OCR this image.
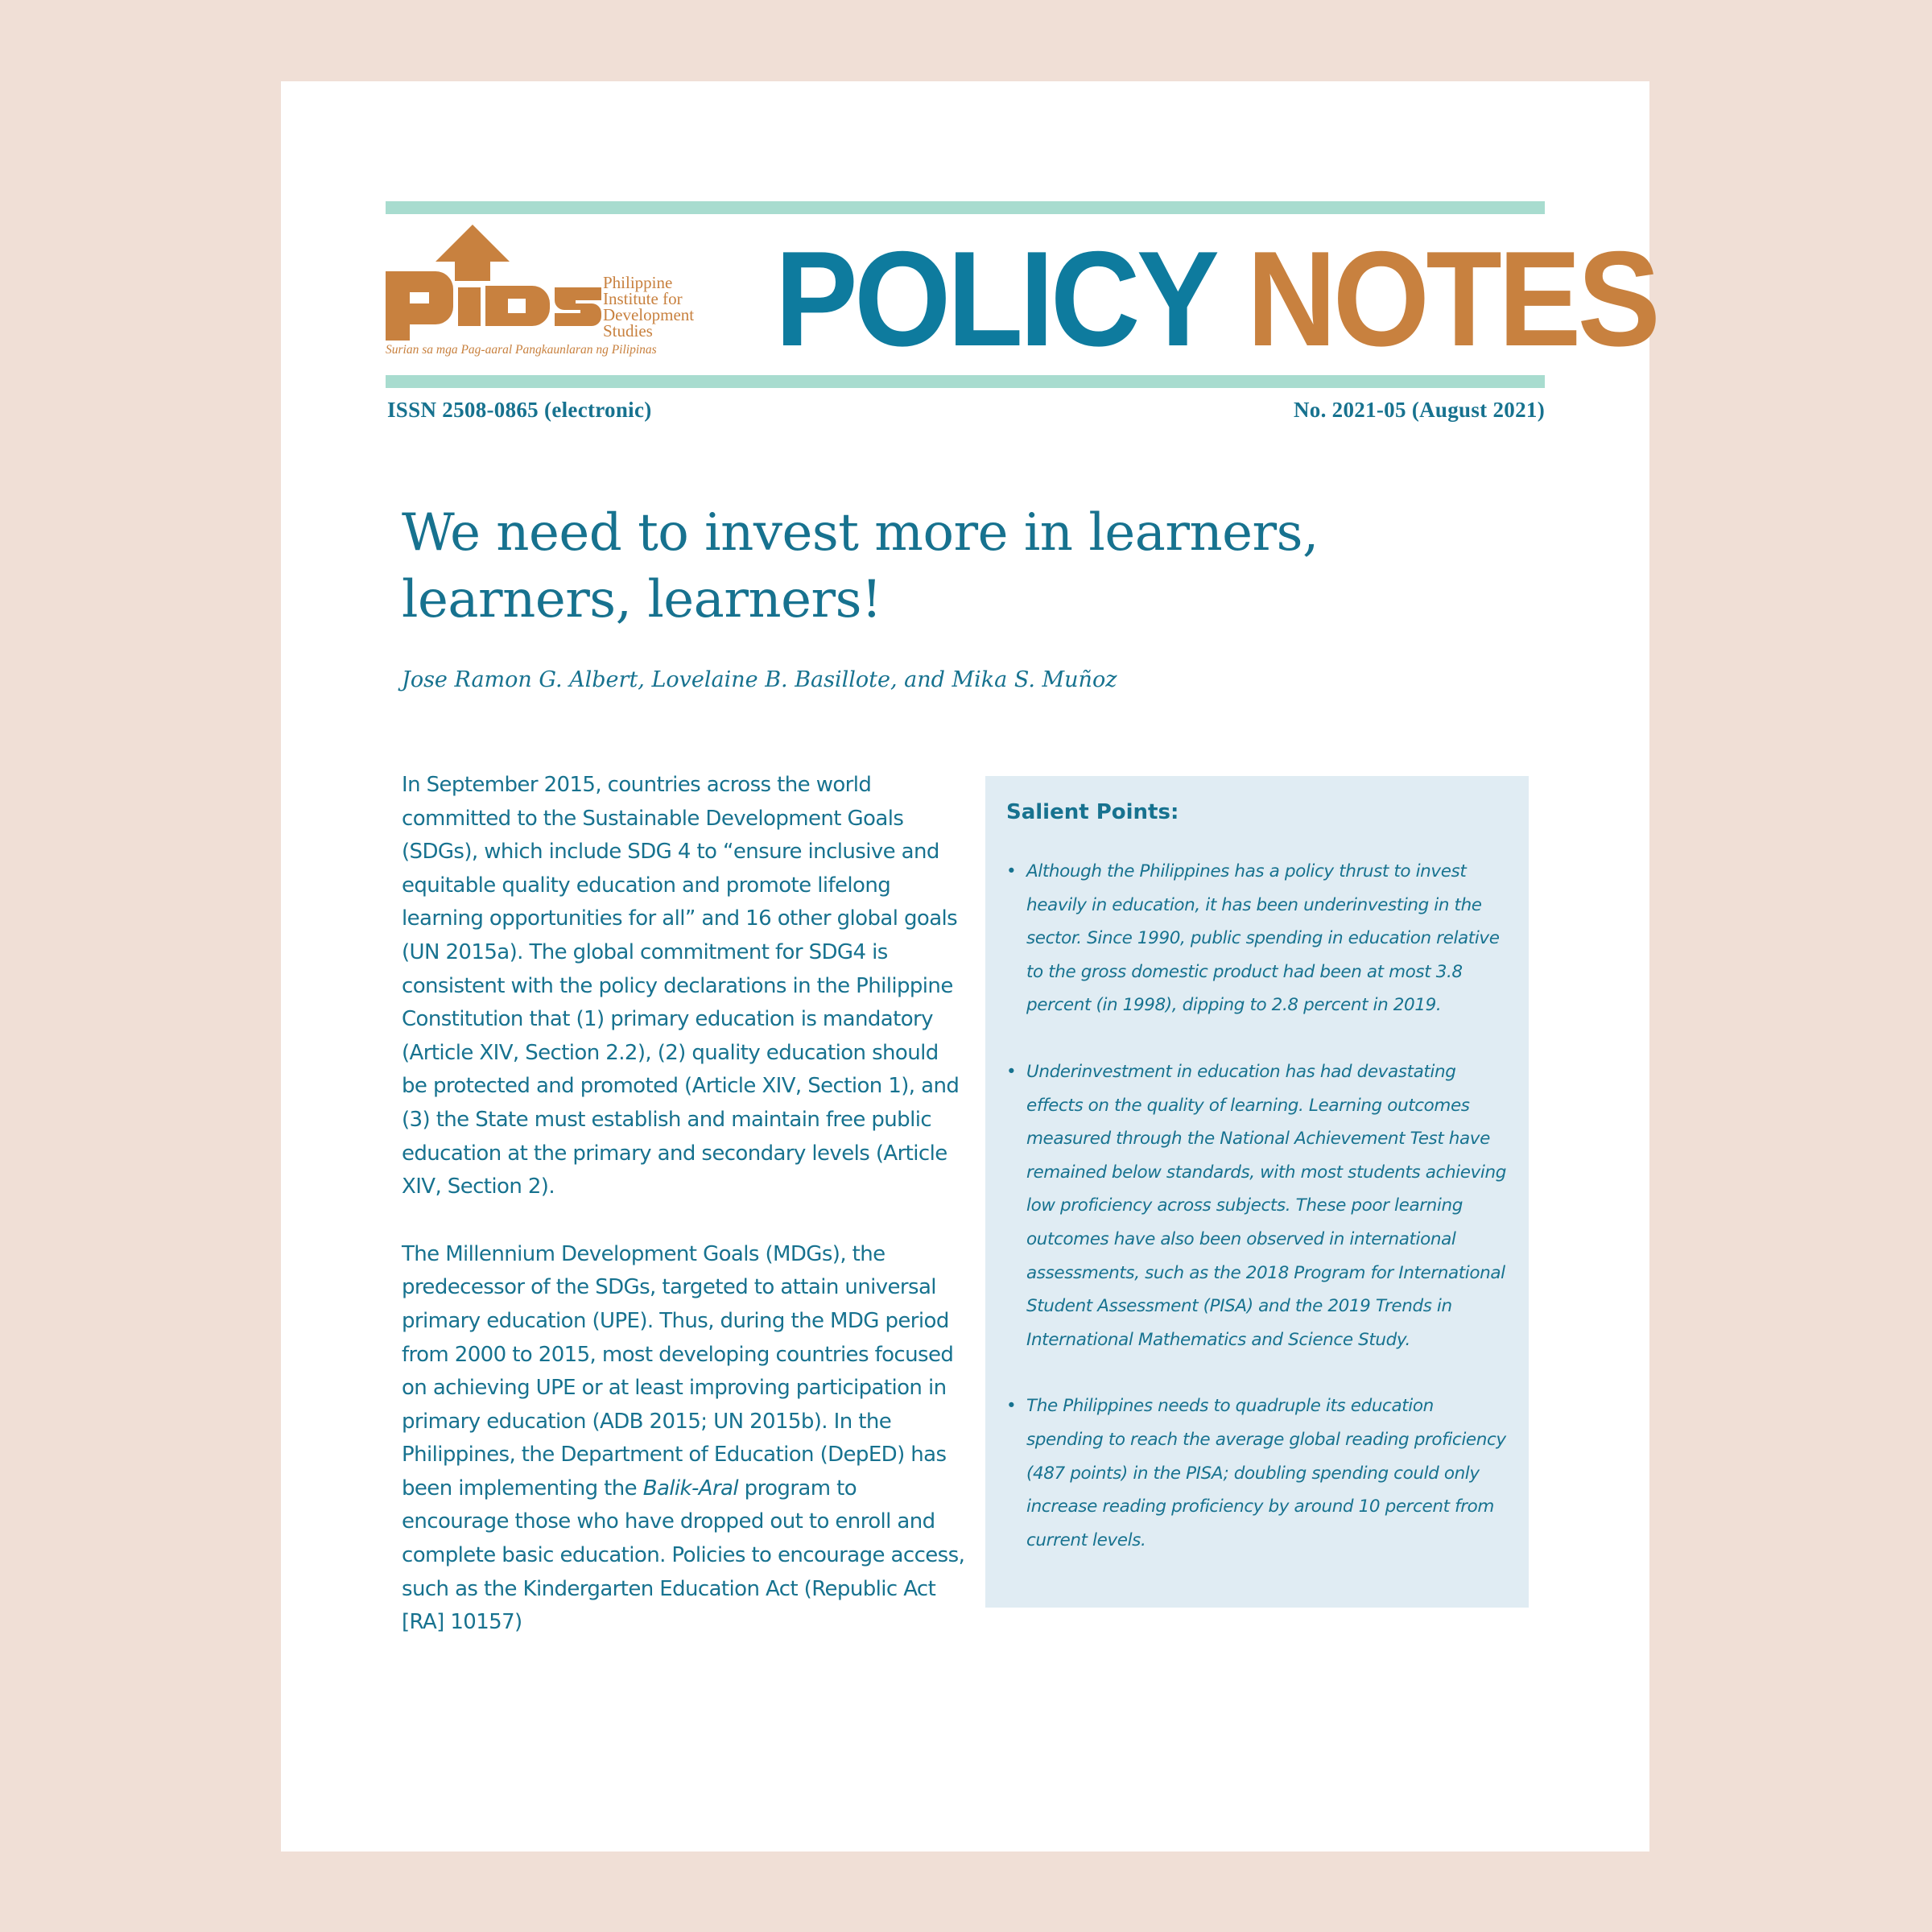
Philippine
Institute for
Development
Studies
Surian sa mga Pag-aaral Pangkaunlaran ng Pilipinas POLICY NOTES
ISSN 2508-0865 (electronic)	No. 2021-05 (August 2021)
We need to invest more in learners,
learners, learners!
Jose Ramon G. Albert, Lovelaine B. Basillote, and Mika S. Muñoz

In September 2015, countries across the world committed to the Sustainable Development Goals (SDGs), which include SDG 4 to “ensure inclusive and equitable quality education and promote lifelong learning opportunities for all” and 16 other global goals (UN 2015a). The global commitment for SDG4 is consistent with the policy declarations in the Philippine Constitution that (1) primary education is mandatory (Article XIV, Section 2.2), (2) quality education should be protected and promoted (Article XIV, Section 1), and (3) the State must establish and maintain free public education at the primary and secondary levels (Article XIV, Section 2).

The Millennium Development Goals (MDGs), the predecessor of the SDGs, targeted to attain universal primary education (UPE). Thus, during the MDG period from 2000 to 2015, most developing countries focused on achieving UPE or at least improving participation in primary education (ADB 2015; UN 2015b). In the Philippines, the Department of Education (DepED) has been implementing the Balik-Aral program to encourage those who have dropped out to enroll and complete basic education. Policies to encourage access, such as the Kindergarten Education Act (Republic Act [RA] 10157)

Salient Points:
• Although the Philippines has a policy thrust to invest heavily in education, it has been underinvesting in the sector. Since 1990, public spending in education relative to the gross domestic product had been at most 3.8 percent (in 1998), dipping to 2.8 percent in 2019.
• Underinvestment in education has had devastating effects on the quality of learning. Learning outcomes measured through the National Achievement Test have remained below standards, with most students achieving low proficiency across subjects. These poor learning outcomes have also been observed in international assessments, such as the 2018 Program for International Student Assessment (PISA) and the 2019 Trends in International Mathematics and Science Study.
• The Philippines needs to quadruple its education spending to reach the average global reading proficiency (487 points) in the PISA; doubling spending could only increase reading proficiency by around 10 percent from current levels.
